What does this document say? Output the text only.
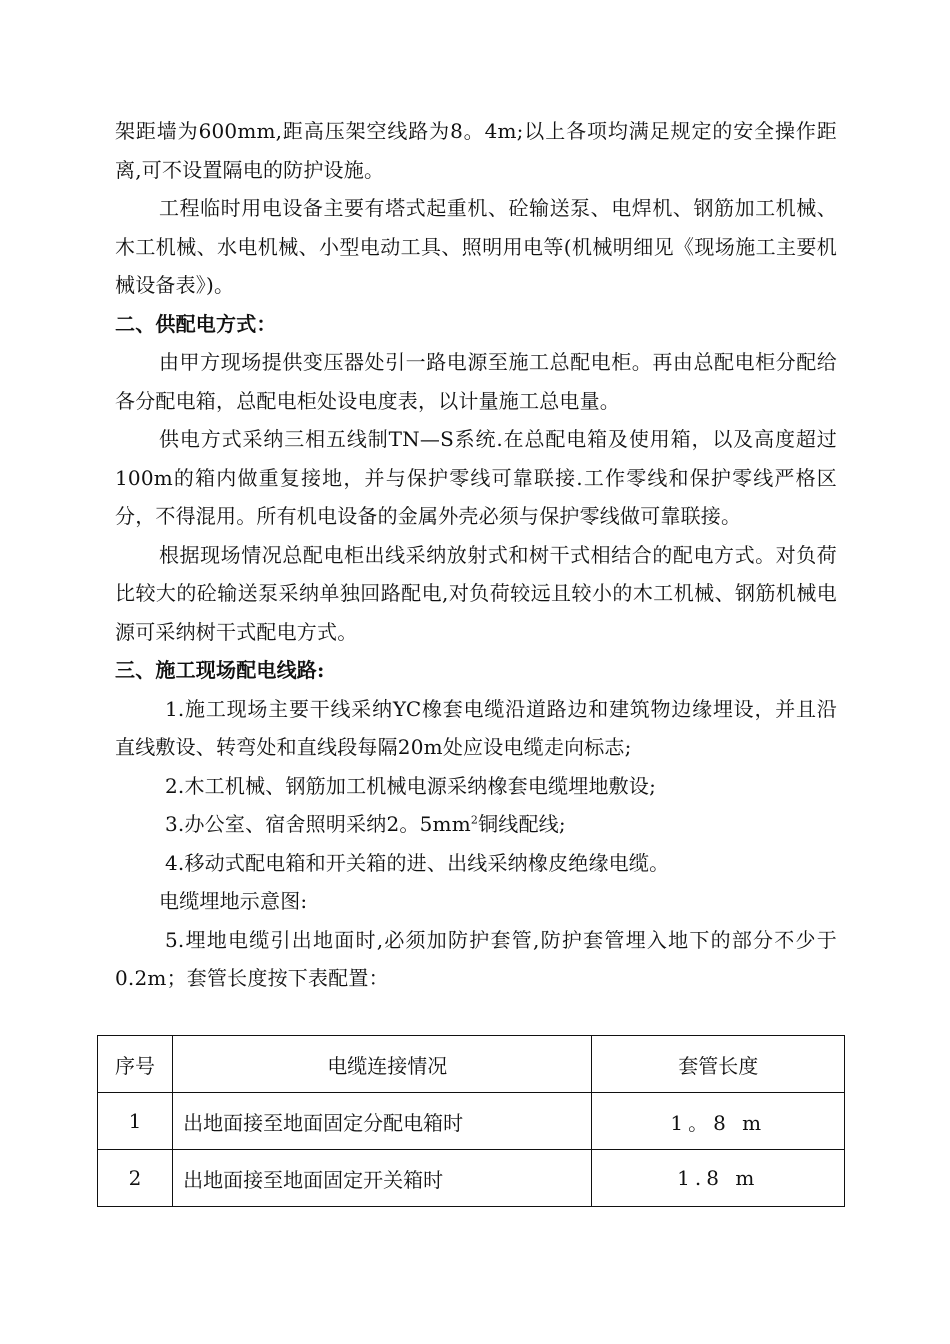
架距墙为600mm,距高压架空线路为8。4m;以上各项均满足规定的安全操作距离,可不设置隔电的防护设施。

工程临时用电设备主要有塔式起重机、砼输送泵、电焊机、钢筋加工机械、木工机械、水电机械、小型电动工具、照明用电等(机械明细见《现场施工主要机械设备表》)。

二、供配电方式：

由甲方现场提供变压器处引一路电源至施工总配电柜。再由总配电柜分配给各分配电箱，总配电柜处设电度表，以计量施工总电量。

供电方式采纳三相五线制TN—S系统.在总配电箱及使用箱，以及高度超过100m的箱内做重复接地，并与保护零线可靠联接.工作零线和保护零线严格区分，不得混用。所有机电设备的金属外壳必须与保护零线做可靠联接。

根据现场情况总配电柜出线采纳放射式和树干式相结合的配电方式。对负荷比较大的砼输送泵采纳单独回路配电,对负荷较远且较小的木工机械、钢筋机械电源可采纳树干式配电方式。

三、施工现场配电线路:

1.施工现场主要干线采纳YC橡套电缆沿道路边和建筑物边缘埋设，并且沿直线敷设、转弯处和直线段每隔20m处应设电缆走向标志;

2.木工机械、钢筋加工机械电源采纳橡套电缆埋地敷设;

3.办公室、宿舍照明采纳2。$5mm^2$铜线配线;

4.移动式配电箱和开关箱的进、出线采纳橡皮绝缘电缆。

电缆埋地示意图:

5.埋地电缆引出地面时,必须加防护套管,防护套管埋入地下的部分不少于0.2m；套管长度按下表配置：

序号	电缆连接情况	套管长度
1	出地面接至地面固定分配电箱时	1。8 m
2	出地面接至地面固定开关箱时	1.8 m
